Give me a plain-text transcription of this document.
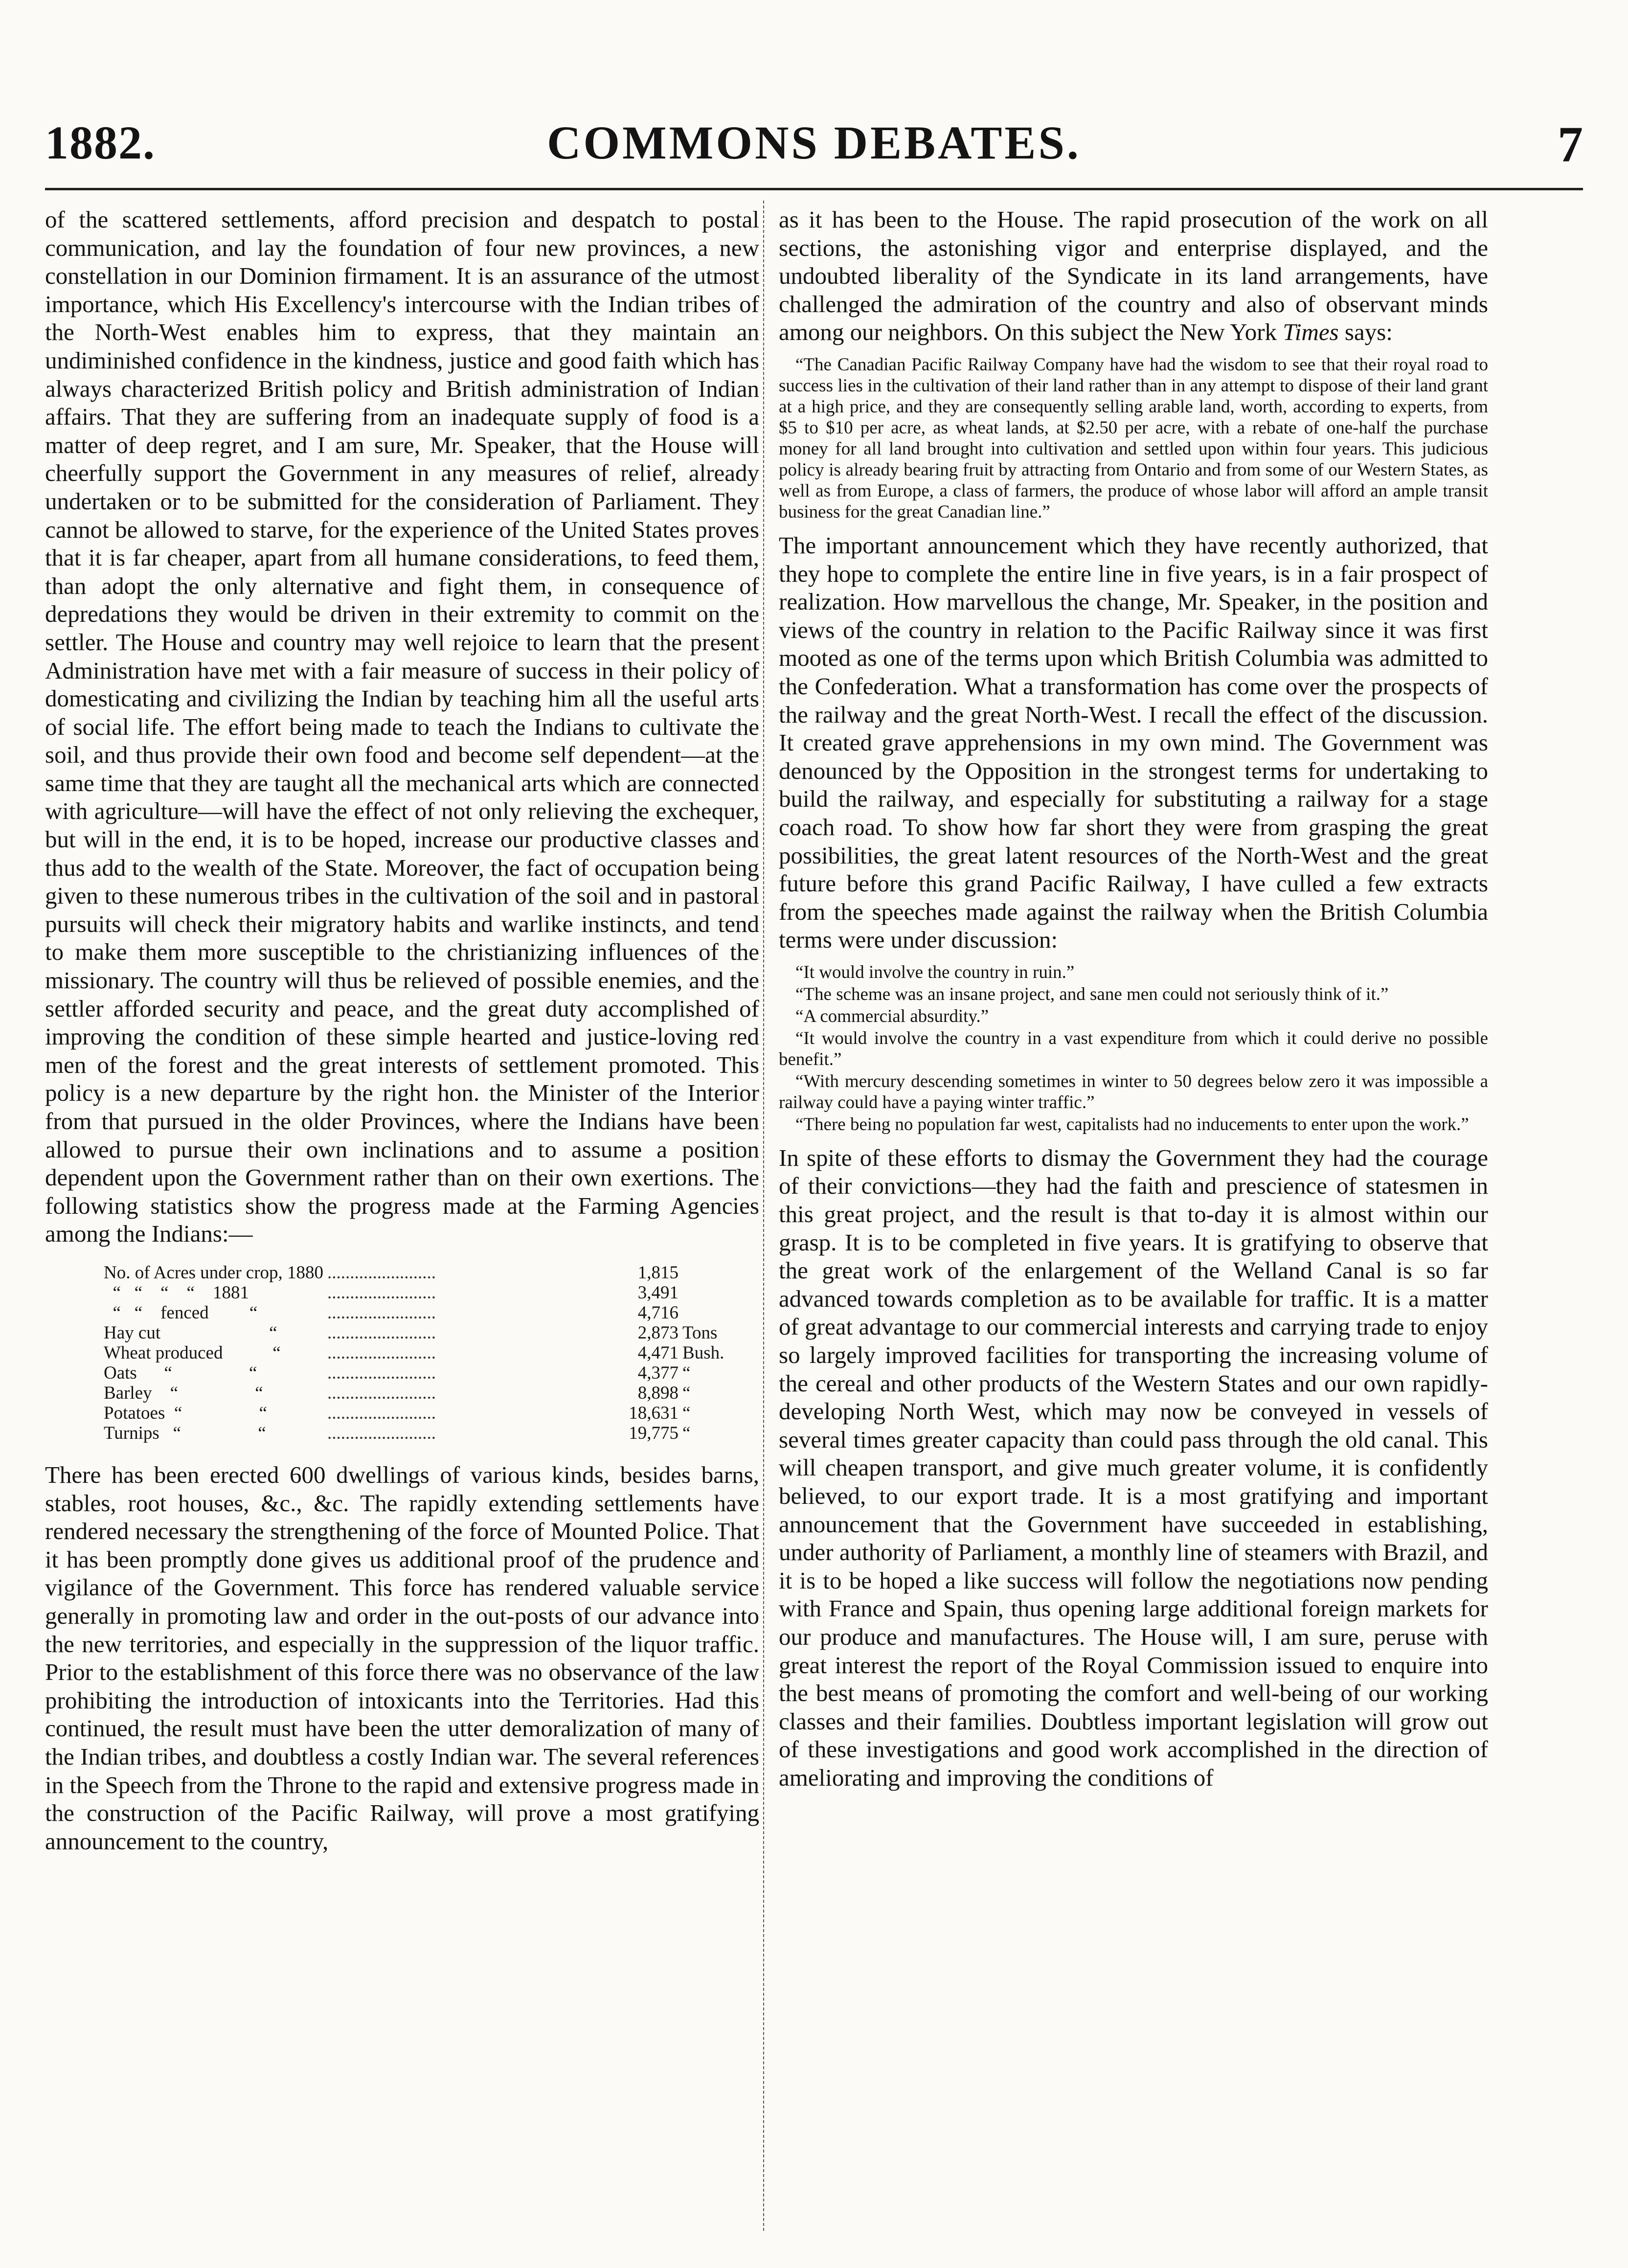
1882.	COMMONS DEBATES.	7

of the scattered settlements, afford precision and despatch to postal communication, and lay the foundation of four new provinces, a new constellation in our Dominion firmament. It is an assurance of the utmost importance, which His Excellency's intercourse with the Indian tribes of the North-West enables him to express, that they maintain an undiminished confidence in the kindness, justice and good faith which has always characterized British policy and British administration of Indian affairs. That they are suffering from an inadequate supply of food is a matter of deep regret, and I am sure, Mr. Speaker, that the House will cheerfully support the Government in any measures of relief, already undertaken or to be submitted for the consideration of Parliament. They cannot be allowed to starve, for the experience of the United States proves that it is far cheaper, apart from all humane considerations, to feed them, than adopt the only alternative and fight them, in consequence of depredations they would be driven in their extremity to commit on the settler. The House and country may well rejoice to learn that the present Administration have met with a fair measure of success in their policy of domesticating and civilizing the Indian by teaching him all the useful arts of social life. The effort being made to teach the Indians to cultivate the soil, and thus provide their own food and become self dependent—at the same time that they are taught all the mechanical arts which are connected with agriculture—will have the effect of not only relieving the exchequer, but will in the end, it is to be hoped, increase our productive classes and thus add to the wealth of the State. Moreover, the fact of occupation being given to these numerous tribes in the cultivation of the soil and in pastoral pursuits will check their migratory habits and warlike instincts, and tend to make them more susceptible to the christianizing influences of the missionary. The country will thus be relieved of possible enemies, and the settler afforded security and peace, and the great duty accomplished of improving the condition of these simple hearted and justice-loving red men of the forest and the great interests of settlement promoted. This policy is a new departure by the right hon. the Minister of the Interior from that pursued in the older Provinces, where the Indians have been allowed to pursue their own inclinations and to assume a position dependent upon the Government rather than on their own exertions. The following statistics show the progress made at the Farming Agencies among the Indians:—

No. of Acres under crop, 1880	........................	1,815	
“   “    “    “    1881	........................	3,491	
“   “    fenced         “	........................	4,716	
Hay cut                        “	........................	2,873	Tons
Wheat produced           “	........................	4,471	Bush.
Oats      “                 “	........................	4,377	“
Barley    “                 “	........................	8,898	“
Potatoes  “                 “	........................	18,631	“
Turnips   “                 “	........................	19,775	“

There has been erected 600 dwellings of various kinds, besides barns, stables, root houses, &c., &c. The rapidly extending settlements have rendered necessary the strengthening of the force of Mounted Police. That it has been promptly done gives us additional proof of the prudence and vigilance of the Government. This force has rendered valuable service generally in promoting law and order in the out-posts of our advance into the new territories, and especially in the suppression of the liquor traffic. Prior to the establishment of this force there was no observance of the law prohibiting the introduction of intoxicants into the Territories. Had this continued, the result must have been the utter demoralization of many of the Indian tribes, and doubtless a costly Indian war. The several references in the Speech from the Throne to the rapid and extensive progress made in the construction of the Pacific Railway, will prove a most gratifying announcement to the country,

as it has been to the House. The rapid prosecution of the work on all sections, the astonishing vigor and enterprise displayed, and the undoubted liberality of the Syndicate in its land arrangements, have challenged the admiration of the country and also of observant minds among our neighbors. On this subject the New York Times says:

“The Canadian Pacific Railway Company have had the wisdom to see that their royal road to success lies in the cultivation of their land rather than in any attempt to dispose of their land grant at a high price, and they are consequently selling arable land, worth, according to experts, from $5 to $10 per acre, as wheat lands, at $2.50 per acre, with a rebate of one-half the purchase money for all land brought into cultivation and settled upon within four years. This judicious policy is already bearing fruit by attracting from Ontario and from some of our Western States, as well as from Europe, a class of farmers, the produce of whose labor will afford an ample transit business for the great Canadian line.”

The important announcement which they have recently authorized, that they hope to complete the entire line in five years, is in a fair prospect of realization. How marvellous the change, Mr. Speaker, in the position and views of the country in relation to the Pacific Railway since it was first mooted as one of the terms upon which British Columbia was admitted to the Confederation. What a transformation has come over the prospects of the railway and the great North-West. I recall the effect of the discussion. It created grave apprehensions in my own mind. The Government was denounced by the Opposition in the strongest terms for undertaking to build the railway, and especially for substituting a railway for a stage coach road. To show how far short they were from grasping the great possibilities, the great latent resources of the North-West and the great future before this grand Pacific Railway, I have culled a few extracts from the speeches made against the railway when the British Columbia terms were under discussion:

“It would involve the country in ruin.”

“The scheme was an insane project, and sane men could not seriously think of it.”

“A commercial absurdity.”

“It would involve the country in a vast expenditure from which it could derive no possible benefit.”

“With mercury descending sometimes in winter to 50 degrees below zero it was impossible a railway could have a paying winter traffic.”

“There being no population far west, capitalists had no inducements to enter upon the work.”

In spite of these efforts to dismay the Government they had the courage of their convictions—they had the faith and prescience of statesmen in this great project, and the result is that to-day it is almost within our grasp. It is to be completed in five years. It is gratifying to observe that the great work of the enlargement of the Welland Canal is so far advanced towards completion as to be available for traffic. It is a matter of great advantage to our commercial interests and carrying trade to enjoy so largely improved facilities for transporting the increasing volume of the cereal and other products of the Western States and our own rapidly-developing North West, which may now be conveyed in vessels of several times greater capacity than could pass through the old canal. This will cheapen transport, and give much greater volume, it is confidently believed, to our export trade. It is a most gratifying and important announcement that the Government have succeeded in establishing, under authority of Parliament, a monthly line of steamers with Brazil, and it is to be hoped a like success will follow the negotiations now pending with France and Spain, thus opening large additional foreign markets for our produce and manufactures. The House will, I am sure, peruse with great interest the report of the Royal Commission issued to enquire into the best means of promoting the comfort and well-being of our working classes and their families. Doubtless important legislation will grow out of these investigations and good work accomplished in the direction of ameliorating and improving the conditions of
